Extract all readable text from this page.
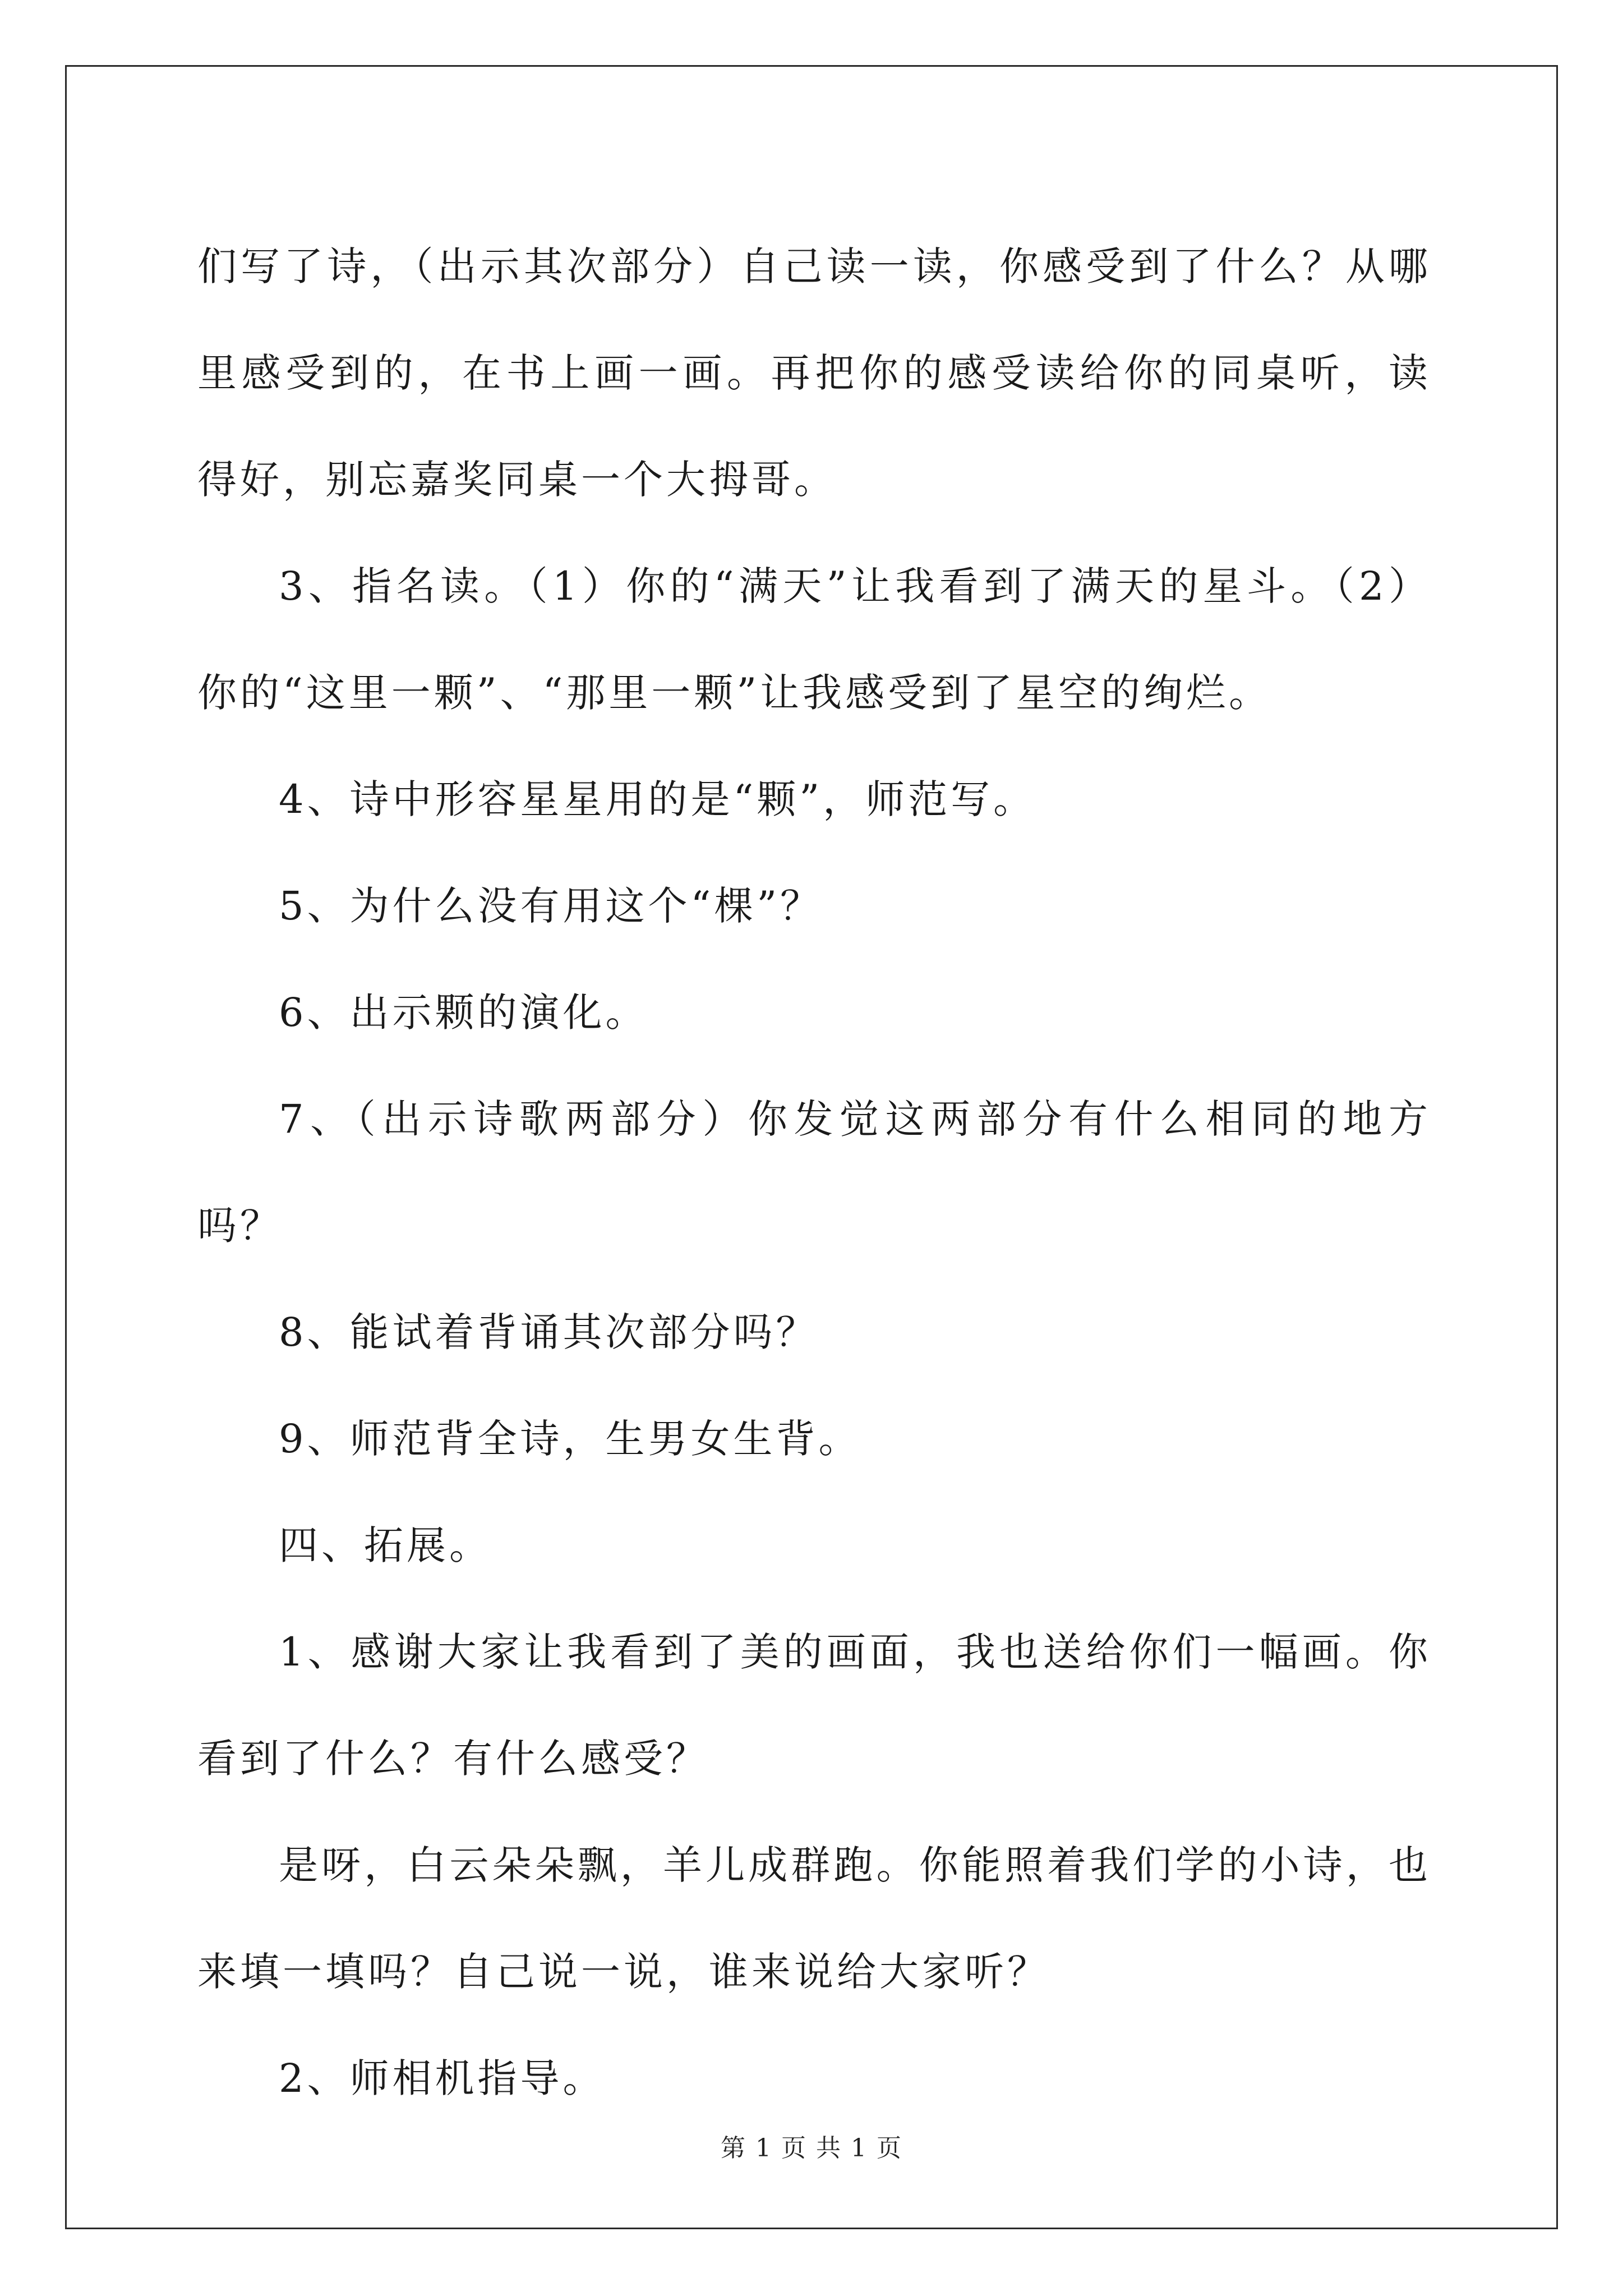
们写了诗，（出示其次部分）自己读一读，你感受到了什么？从哪里感受到的，在书上画一画。再把你的感受读给你的同桌听，读得好，别忘嘉奖同桌一个大拇哥。

3、指名读。（1）你的“满天”让我看到了满天的星斗。（2）你的“这里一颗”、“那里一颗”让我感受到了星空的绚烂。

4、诗中形容星星用的是“颗”，师范写。

5、为什么没有用这个“棵”？

6、出示颗的演化。

7、（出示诗歌两部分）你发觉这两部分有什么相同的地方吗？

8、能试着背诵其次部分吗？

9、师范背全诗，生男女生背。

四、拓展。

1、感谢大家让我看到了美的画面，我也送给你们一幅画。你看到了什么？有什么感受？

是呀，白云朵朵飘，羊儿成群跑。你能照着我们学的小诗，也来填一填吗？自己说一说，谁来说给大家听？

2、师相机指导。

第 1 页 共 1 页
